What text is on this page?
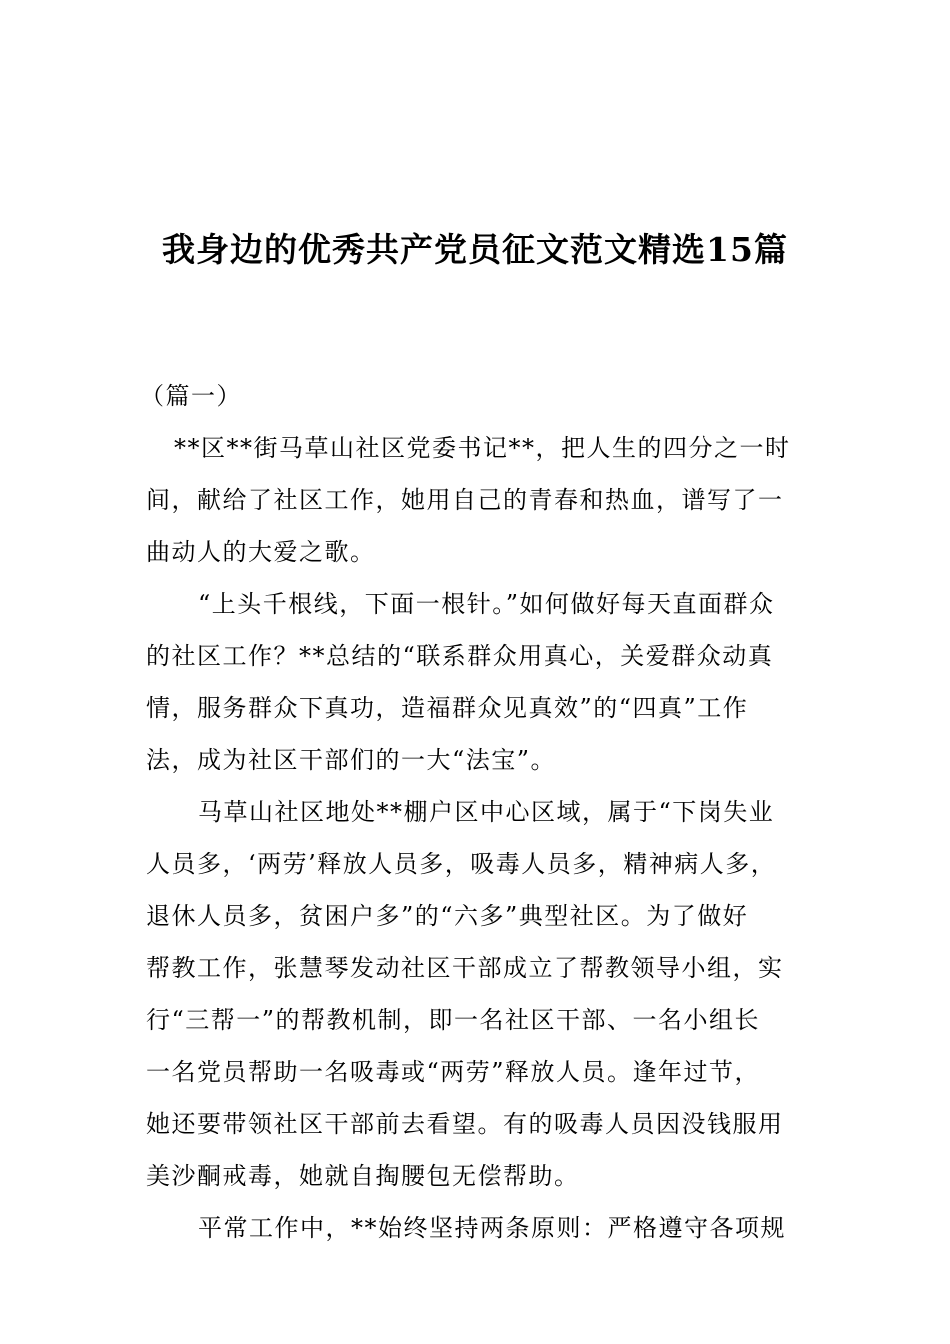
我身边的优秀共产党员征文范文精选15篇
（篇一）
**区**街马草山社区党委书记**，把人生的四分之一时
间，献给了社区工作，她用自己的青春和热血，谱写了一
曲动人的大爱之歌。
“上头千根线，下面一根针。”如何做好每天直面群众
的社区工作？**总结的“联系群众用真心，关爱群众动真
情，服务群众下真功，造福群众见真效”的“四真”工作
法，成为社区干部们的一大“法宝”。
马草山社区地处**棚户区中心区域，属于“下岗失业
人员多，‘两劳’释放人员多，吸毒人员多，精神病人多，
退休人员多，贫困户多”的“六多”典型社区。为了做好
帮教工作，张慧琴发动社区干部成立了帮教领导小组，实
行“三帮一”的帮教机制，即一名社区干部、一名小组长
一名党员帮助一名吸毒或“两劳”释放人员。逢年过节，
她还要带领社区干部前去看望。有的吸毒人员因没钱服用
美沙酮戒毒，她就自掏腰包无偿帮助。
平常工作中，**始终坚持两条原则：严格遵守各项规
